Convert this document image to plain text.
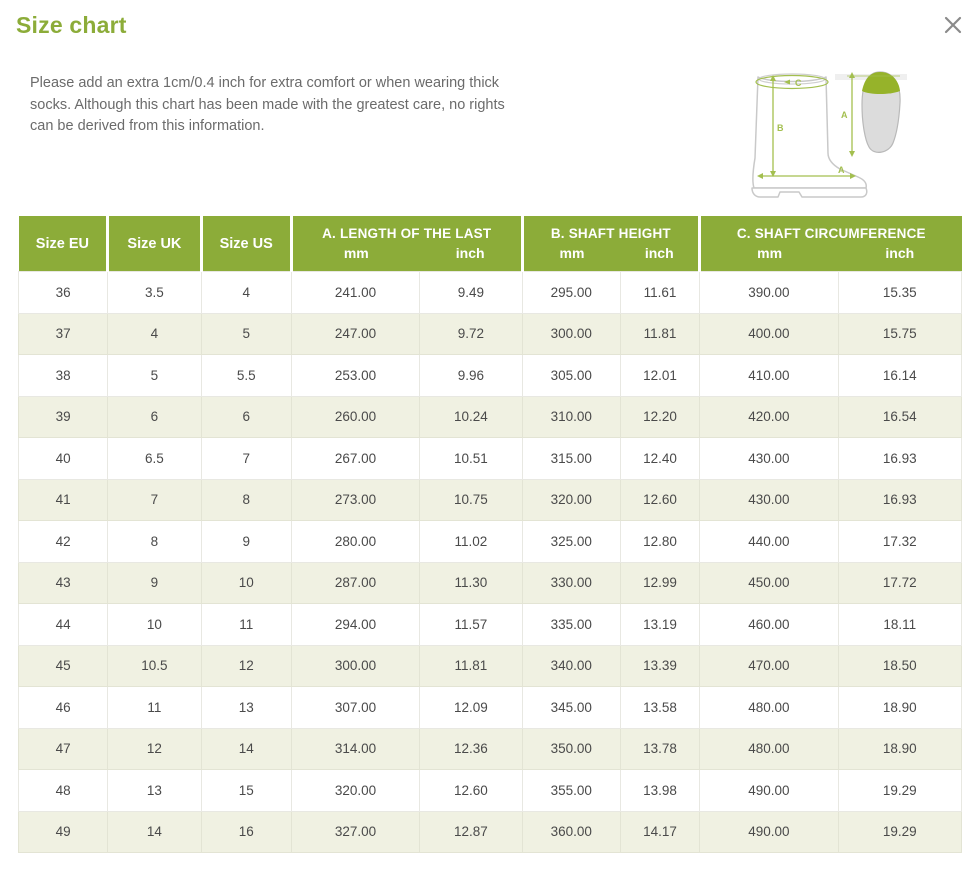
Size chart

Please add an extra 1cm/0.4 inch for extra comfort or when wearing thick socks. Although this chart has been made with the greatest care, no rights can be derived from this information.

C
B
A
A
Size EU	Size UK	Size US	A. LENGTH OF THE LAST		B. SHAFT HEIGHT		C. SHAFT CIRCUMFERENCE	
			mm	inch	mm	inch	mm	inch
36	3.5	4	241.00	9.49	295.00	11.61	390.00	15.35
37	4	5	247.00	9.72	300.00	11.81	400.00	15.75
38	5	5.5	253.00	9.96	305.00	12.01	410.00	16.14
39	6	6	260.00	10.24	310.00	12.20	420.00	16.54
40	6.5	7	267.00	10.51	315.00	12.40	430.00	16.93
41	7	8	273.00	10.75	320.00	12.60	430.00	16.93
42	8	9	280.00	11.02	325.00	12.80	440.00	17.32
43	9	10	287.00	11.30	330.00	12.99	450.00	17.72
44	10	11	294.00	11.57	335.00	13.19	460.00	18.11
45	10.5	12	300.00	11.81	340.00	13.39	470.00	18.50
46	11	13	307.00	12.09	345.00	13.58	480.00	18.90
47	12	14	314.00	12.36	350.00	13.78	480.00	18.90
48	13	15	320.00	12.60	355.00	13.98	490.00	19.29
49	14	16	327.00	12.87	360.00	14.17	490.00	19.29
